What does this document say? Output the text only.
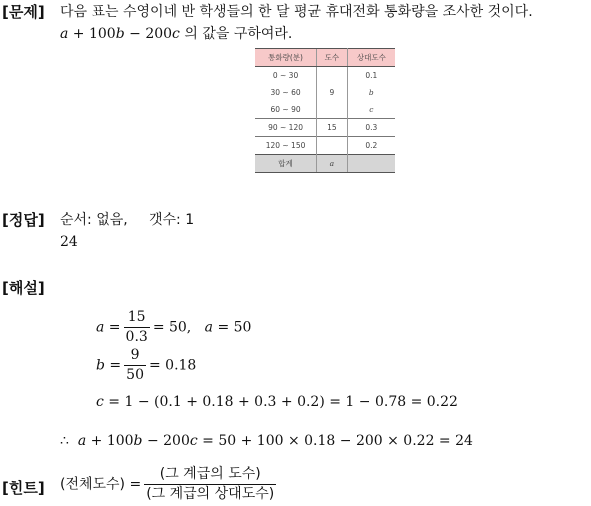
[문제] 다음 표는 수영이네 반 학생들의 한 달 평균 휴대전화 통화량을 조사한 것이다.
a + 100b − 200c 의 값을 구하여라.
통화량(분)	도수	상대도수
0 ~ 30		0.1
30 ~ 60	9	b
60 ~ 90		c
90 ~ 120	15	0.3
120 ~ 150		0.2
합계	a	
[정답] 순서: 없음, 갯수: 1
24
[해설]
$a = \frac{15}{0.3} = 50$, a = 50
$b = \frac{9}{50} = 0.18$
c = 1 − (0.1 + 0.18 + 0.3 + 0.2) = 1 − 0.78 = 0.22
∴ a + 100b − 200c = 50 + 100 × 0.18 − 200 × 0.22 = 24
[힌트] (전체도수) = $\frac{\text{(그 계급의 도수)}}{\text{(그 계급의 상대도수)}}$
